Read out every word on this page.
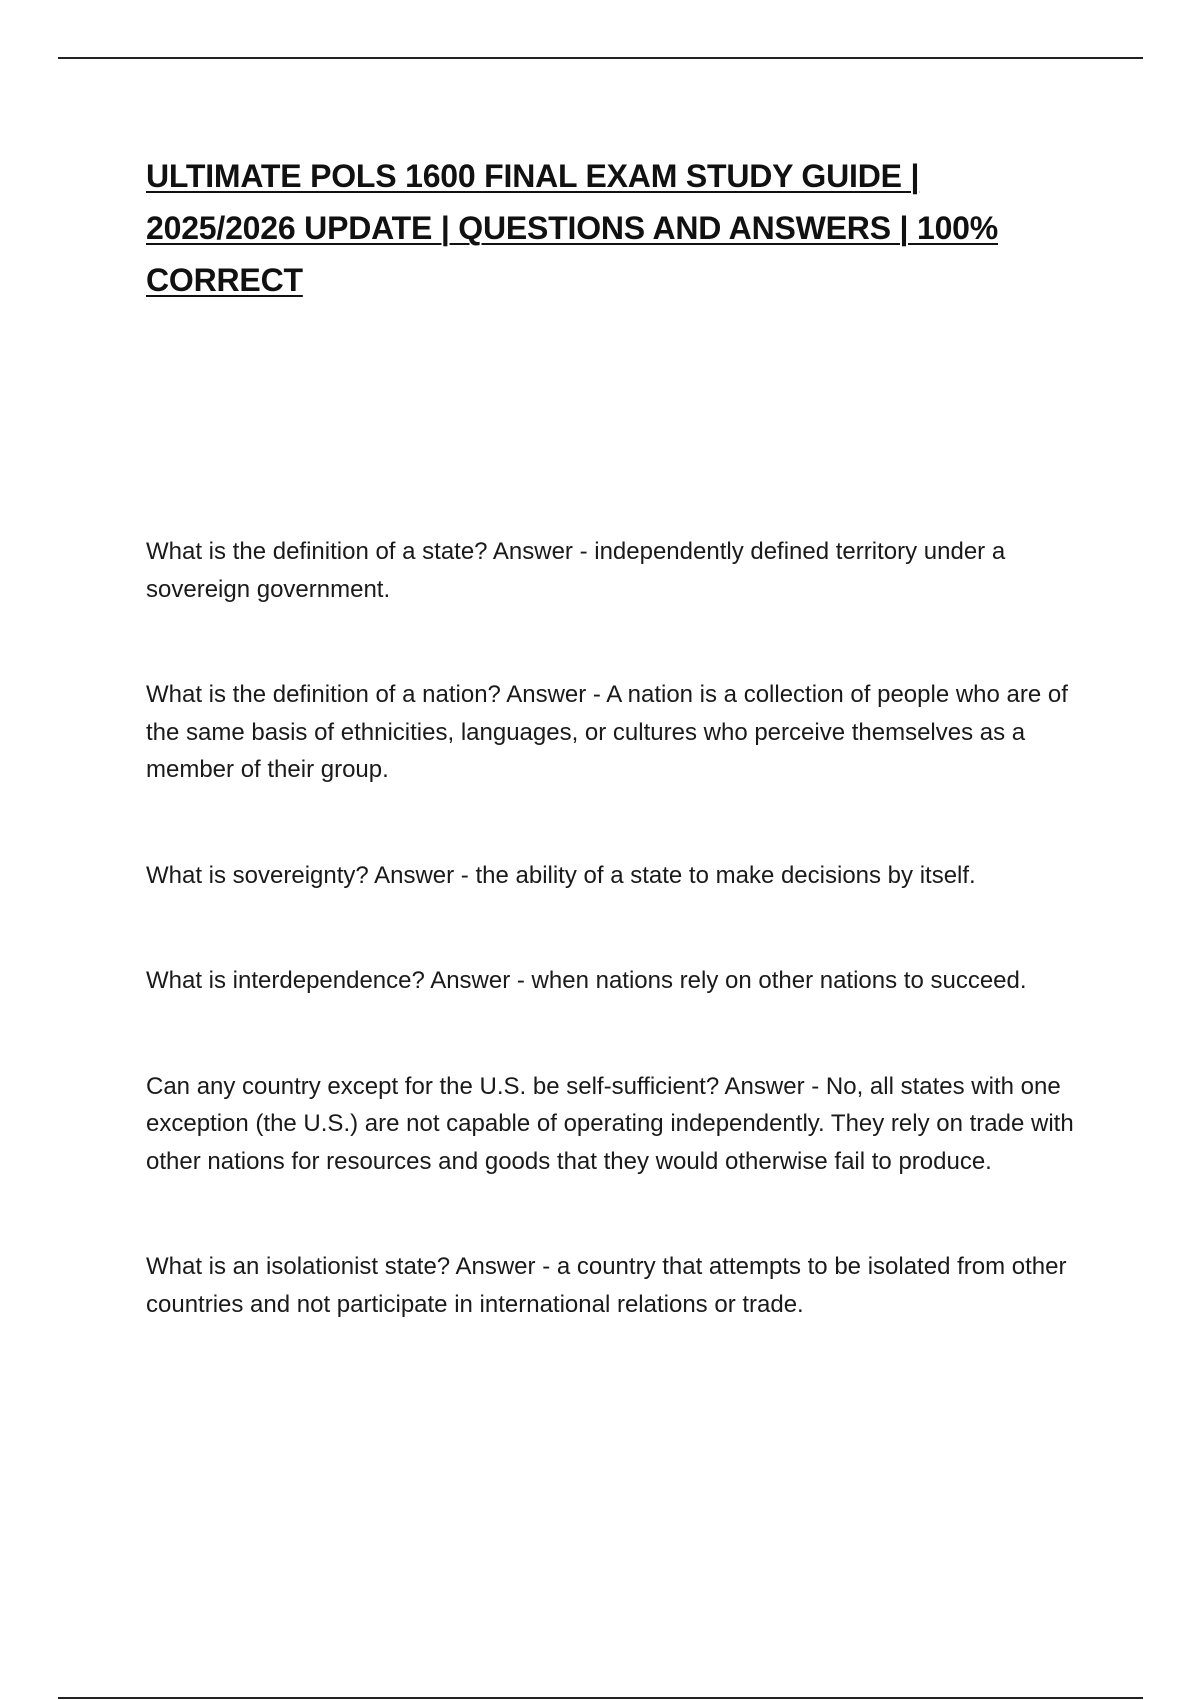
ULTIMATE POLS 1600 FINAL EXAM STUDY GUIDE | 2025/2026 UPDATE | QUESTIONS AND ANSWERS | 100% CORRECT
What is the definition of a state? Answer - independently defined territory under a sovereign government.
What is the definition of a nation? Answer - A nation is a collection of people who are of the same basis of ethnicities, languages, or cultures who perceive themselves as a member of their group.
What is sovereignty? Answer - the ability of a state to make decisions by itself.
What is interdependence? Answer - when nations rely on other nations to succeed.
Can any country except for the U.S. be self-sufficient? Answer - No, all states with one exception (the U.S.) are not capable of operating independently. They rely on trade with other nations for resources and goods that they would otherwise fail to produce.
What is an isolationist state? Answer - a country that attempts to be isolated from other countries and not participate in international relations or trade.
